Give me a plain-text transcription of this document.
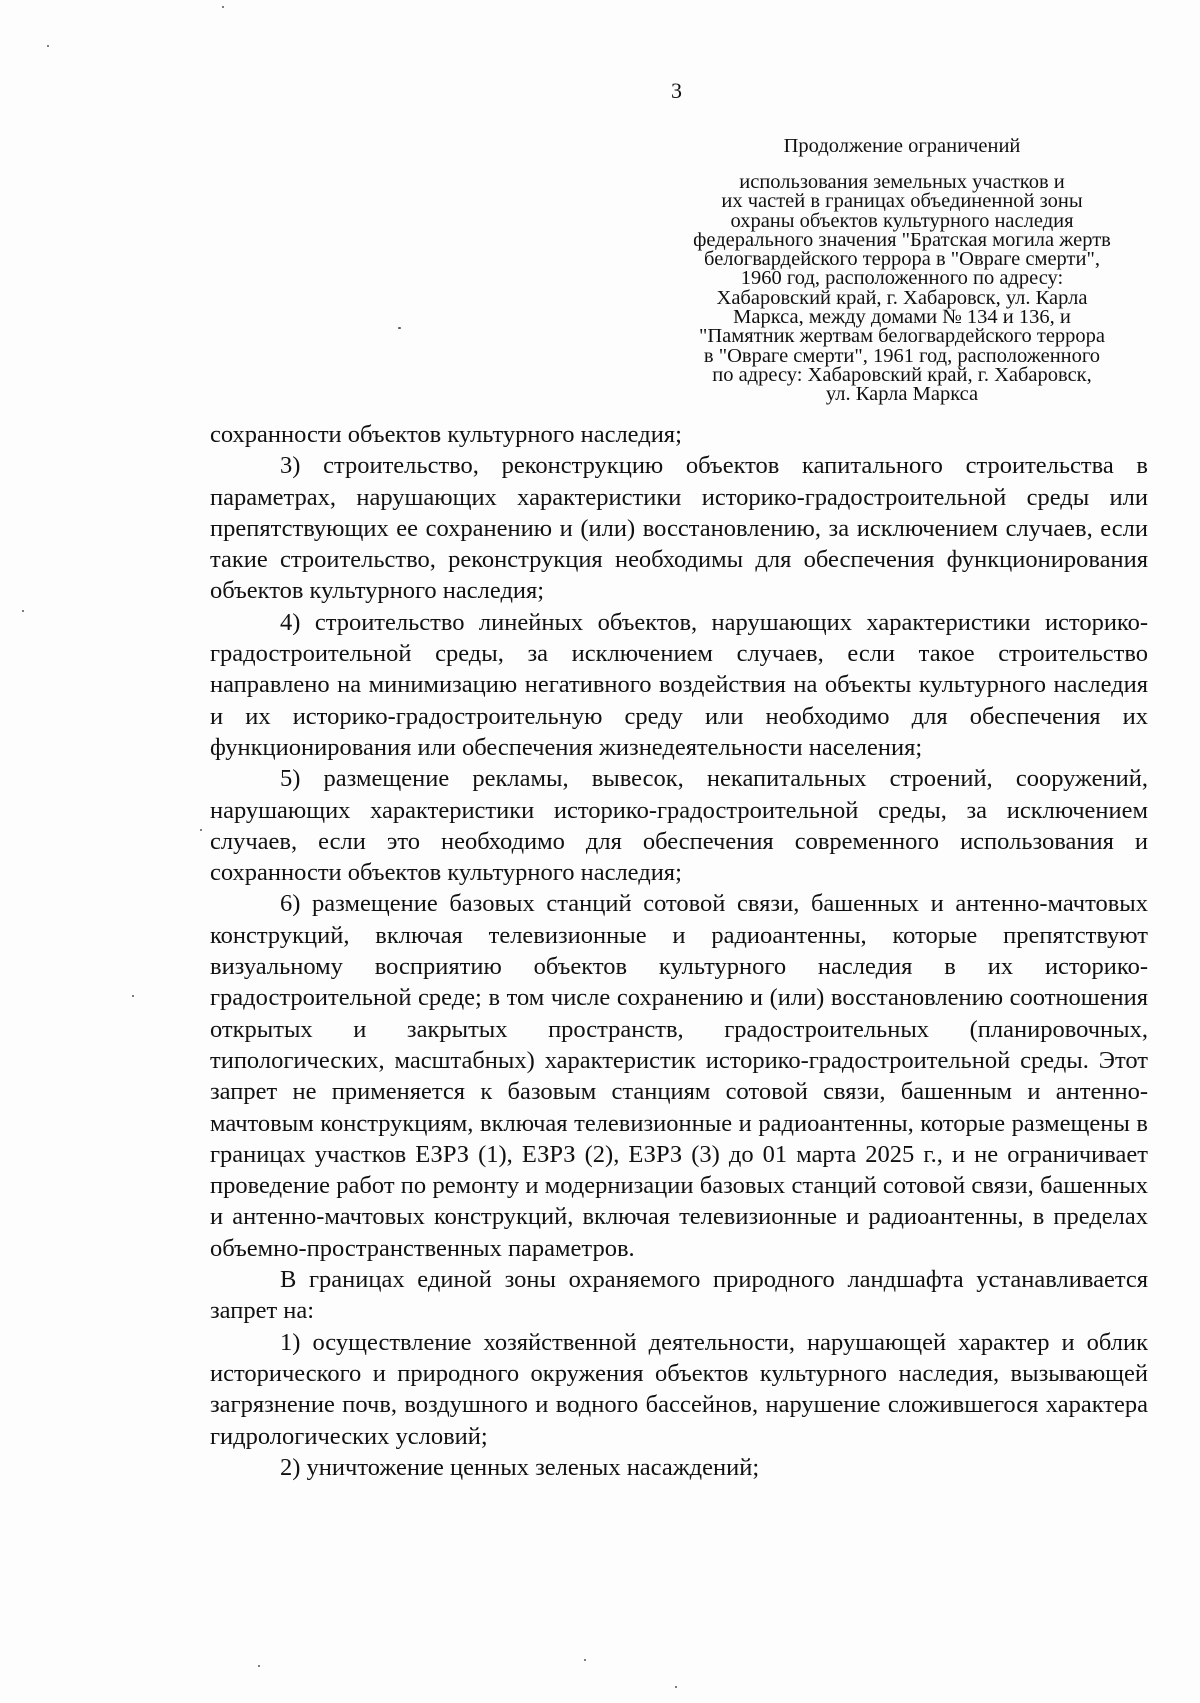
3
Продолжение ограничений
использования земельных участков и
их частей в границах объединенной зоны
охраны объектов культурного наследия
федерального значения "Братская могила жертв
белогвардейского террора в "Овраге смерти",
1960 год, расположенного по адресу:
Хабаровский край, г. Хабаровск, ул. Карла
Маркса, между домами № 134 и 136, и
"Памятник жертвам белогвардейского террора
в "Овраге смерти", 1961 год, расположенного
по адресу: Хабаровский край, г. Хабаровск,
ул. Карла Маркса

сохранности объектов культурного наследия;

3) строительство, реконструкцию объектов капитального строительства в параметрах, нарушающих характеристики историко-градостроительной среды или препятствующих ее сохранению и (или) восстановлению, за исключением случаев, если такие строительство, реконструкция необходимы для обеспечения функционирования объектов культурного наследия;

4) строительство линейных объектов, нарушающих характеристики историко-градостроительной среды, за исключением случаев, если такое строительство направлено на минимизацию негативного воздействия на объекты культурного наследия и их историко-градостроительную среду или необходимо для обеспечения их функционирования или обеспечения жизнедеятельности населения;

5) размещение рекламы, вывесок, некапитальных строений, сооружений, нарушающих характеристики историко-градостроительной среды, за исключением случаев, если это необходимо для обеспечения современного использования и сохранности объектов культурного наследия;

6) размещение базовых станций сотовой связи, башенных и антенно-мачтовых конструкций, включая телевизионные и радиоантенны, которые препятствуют визуальному восприятию объектов культурного наследия в их историко-градостроительной среде; в том числе сохранению и (или) восстановлению соотношения открытых и закрытых пространств, градостроительных (планировочных, типологических, масштабных) характеристик историко-градостроительной среды. Этот запрет не применяется к базовым станциям сотовой связи, башенным и антенно-мачтовым конструкциям, включая телевизионные и радиоантенны, которые размещены в границах участков ЕЗРЗ (1), ЕЗРЗ (2), ЕЗРЗ (3) до 01 марта 2025 г., и не ограничивает проведение работ по ремонту и модернизации базовых станций сотовой связи, башенных и антенно-мачтовых конструкций, включая телевизионные и радиоантенны, в пределах объемно-пространственных параметров.

В границах единой зоны охраняемого природного ландшафта устанавливается запрет на:

1) осуществление хозяйственной деятельности, нарушающей характер и облик исторического и природного окружения объектов культурного наследия, вызывающей загрязнение почв, воздушного и водного бассейнов, нарушение сложившегося характера гидрологических условий;

2) уничтожение ценных зеленых насаждений;
